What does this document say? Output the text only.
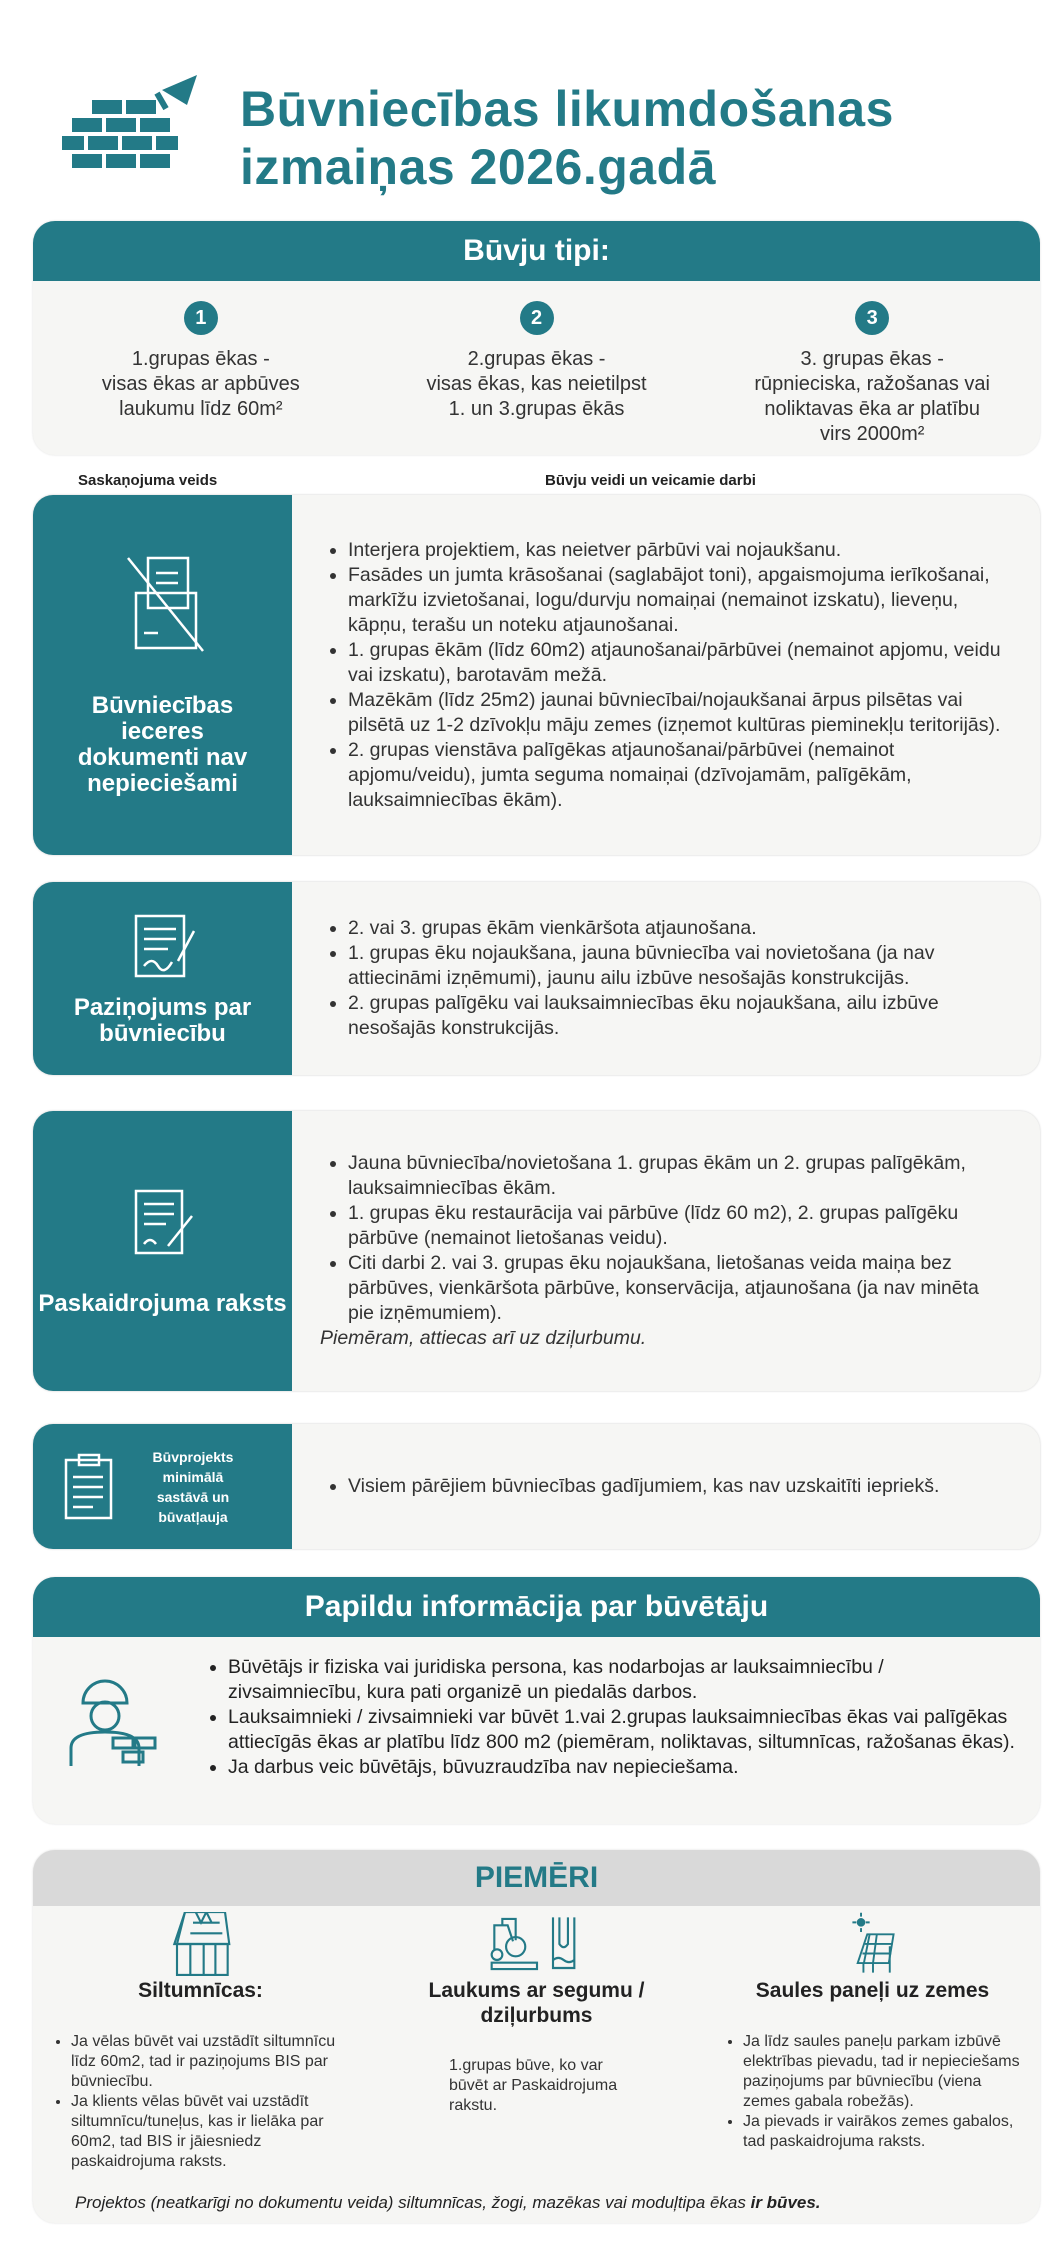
Būvniecības likumdošanas
izmaiņas 2026.gadā
Būvju tipi:
1
1.grupas ēkas -
visas ēkas ar apbūves
laukumu līdz 60m²
2
2.grupas ēkas -
visas ēkas, kas neietilpst
1. un 3.grupas ēkās
3
3. grupas ēkas -
rūpnieciska, ražošanas vai
noliktavas ēka ar platību
virs 2000m²
Saskaņojuma veids	Būvju veidi un veicamie darbi
Būvniecības ieceres dokumenti nav nepieciešami
• Interjera projektiem, kas neietver pārbūvi vai nojaukšanu.
• Fasādes un jumta krāsošanai (saglabājot toni), apgaismojuma ierīkošanai, markīžu izvietošanai, logu/durvju nomaiņai (nemainot izskatu), lieveņu, kāpņu, terašu un noteku atjaunošanai.
• 1. grupas ēkām (līdz 60m2) atjaunošanai/pārbūvei (nemainot apjomu, veidu vai izskatu), barotavām mežā.
• Mazēkām (līdz 25m2) jaunai būvniecībai/nojaukšanai ārpus pilsētas vai pilsētā uz 1-2 dzīvokļu māju zemes (izņemot kultūras pieminekļu teritorijās).
• 2. grupas vienstāva palīgēkas atjaunošanai/pārbūvei (nemainot apjomu/veidu), jumta seguma nomaiņai (dzīvojamām, palīgēkām, lauksaimniecības ēkām).
Paziņojums par būvniecību
• 2. vai 3. grupas ēkām vienkāršota atjaunošana.
• 1. grupas ēku nojaukšana, jauna būvniecība vai novietošana (ja nav attiecināmi izņēmumi), jaunu ailu izbūve nesošajās konstrukcijās.
• 2. grupas palīgēku vai lauksaimniecības ēku nojaukšana, ailu izbūve nesošajās konstrukcijās.
Paskaidrojuma raksts
• Jauna būvniecība/novietošana 1. grupas ēkām un 2. grupas palīgēkām, lauksaimniecības ēkām.
• 1. grupas ēku restaurācija vai pārbūve (līdz 60 m2), 2. grupas palīgēku pārbūve (nemainot lietošanas veidu).
• Citi darbi 2. vai 3. grupas ēku nojaukšana, lietošanas veida maiņa bez pārbūves, vienkāršota pārbūve, konservācija, atjaunošana (ja nav minēta pie izņēmumiem).
Piemēram, attiecas arī uz dziļurbumu.
Būvprojekts minimālā sastāvā un būvatļauja
• Visiem pārējiem būvniecības gadījumiem, kas nav uzskaitīti iepriekš.
Papildu informācija par būvētāju
• Būvētājs ir fiziska vai juridiska persona, kas nodarbojas ar lauksaimniecību / zivsaimniecību, kura pati organizē un piedalās darbos.
• Lauksaimnieki / zivsaimnieki var būvēt 1.vai 2.grupas lauksaimniecības ēkas vai palīgēkas attiecīgās ēkas ar platību līdz 800 m2 (piemēram, noliktavas, siltumnīcas, ražošanas ēkas).
• Ja darbus veic būvētājs, būvuzraudzība nav nepieciešama.
PIEMĒRI
Siltumnīcas:
• Ja vēlas būvēt vai uzstādīt siltumnīcu līdz 60m2, tad ir paziņojums BIS par būvniecību.
• Ja klients vēlas būvēt vai uzstādīt siltumnīcu/tuneļus, kas ir lielāka par 60m2, tad BIS ir jāiesniedz paskaidrojuma raksts.
Laukums ar segumu / dziļurbums
1.grupas būve, ko var būvēt ar Paskaidrojuma rakstu.
Saules paneļi uz zemes
• Ja līdz saules paneļu parkam izbūvē elektrības pievadu, tad ir nepieciešams paziņojums par būvniecību (viena zemes gabala robežās).
• Ja pievads ir vairākos zemes gabalos, tad paskaidrojuma raksts.
Projektos (neatkarīgi no dokumentu veida) siltumnīcas, žogi, mazēkas vai moduļtipa ēkas ir būves.
